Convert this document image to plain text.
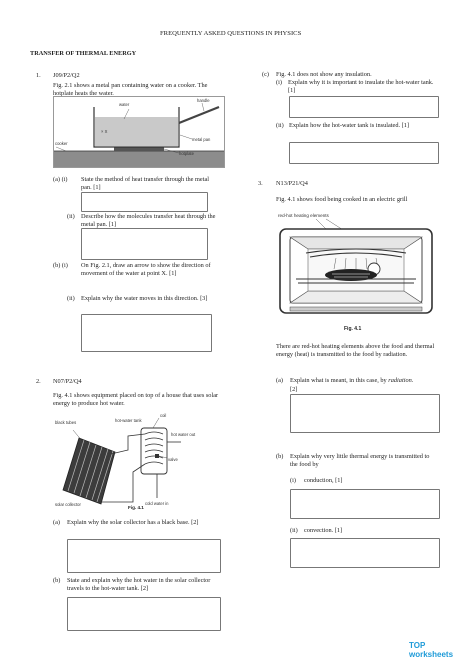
FREQUENTLY ASKED QUESTIONS IN PHYSICS
TRANSFER OF THERMAL ENERGY
1. J09/P2/Q2
Fig. 2.1 shows a metal pan containing water on a cooker. The hotplate heats the water.
water
handle
× X
metal pan
cooker
hotplate
(a) (i) State the method of heat transfer through the metal pan. [1]
(ii) Describe how the molecules transfer heat through the metal pan. [1]
(b) (i) On Fig. 2.1, draw an arrow to show the direction of movement of the water at point X. [1]
(ii) Explain why the water moves in this direction. [3]
2. N07/P2/Q4
Fig. 4.1 shows equipment placed on top of a house that uses solar energy to produce hot water.
coil
hot-water tank
black tubes
hot water out
valve
solar collector	cold water in
Fig. 4.1
(a) Explain why the solar collector has a black base. [2]
(b) State and explain why the hot water in the solar collector travels to the hot-water tank. [2]
(c) Fig. 4.1 does not show any insulation.
(i) Explain why it is important to insulate the hot-water tank. [1]
(ii) Explain how the hot-water tank is insulated. [1]
3. N13/P21/Q4
Fig. 4.1 shows food being cooked in an electric grill
red-hot heating elements
Fig. 4.1
There are red-hot heating elements above the food and thermal energy (heat) is transmitted to the food by radiation.
(a) Explain what is meant, in this case, by radiation.
[2]
(b) Explain why very little thermal energy is transmitted to the food by
(i) conduction, [1]
(ii) convection. [1]
TOP
worksheets
